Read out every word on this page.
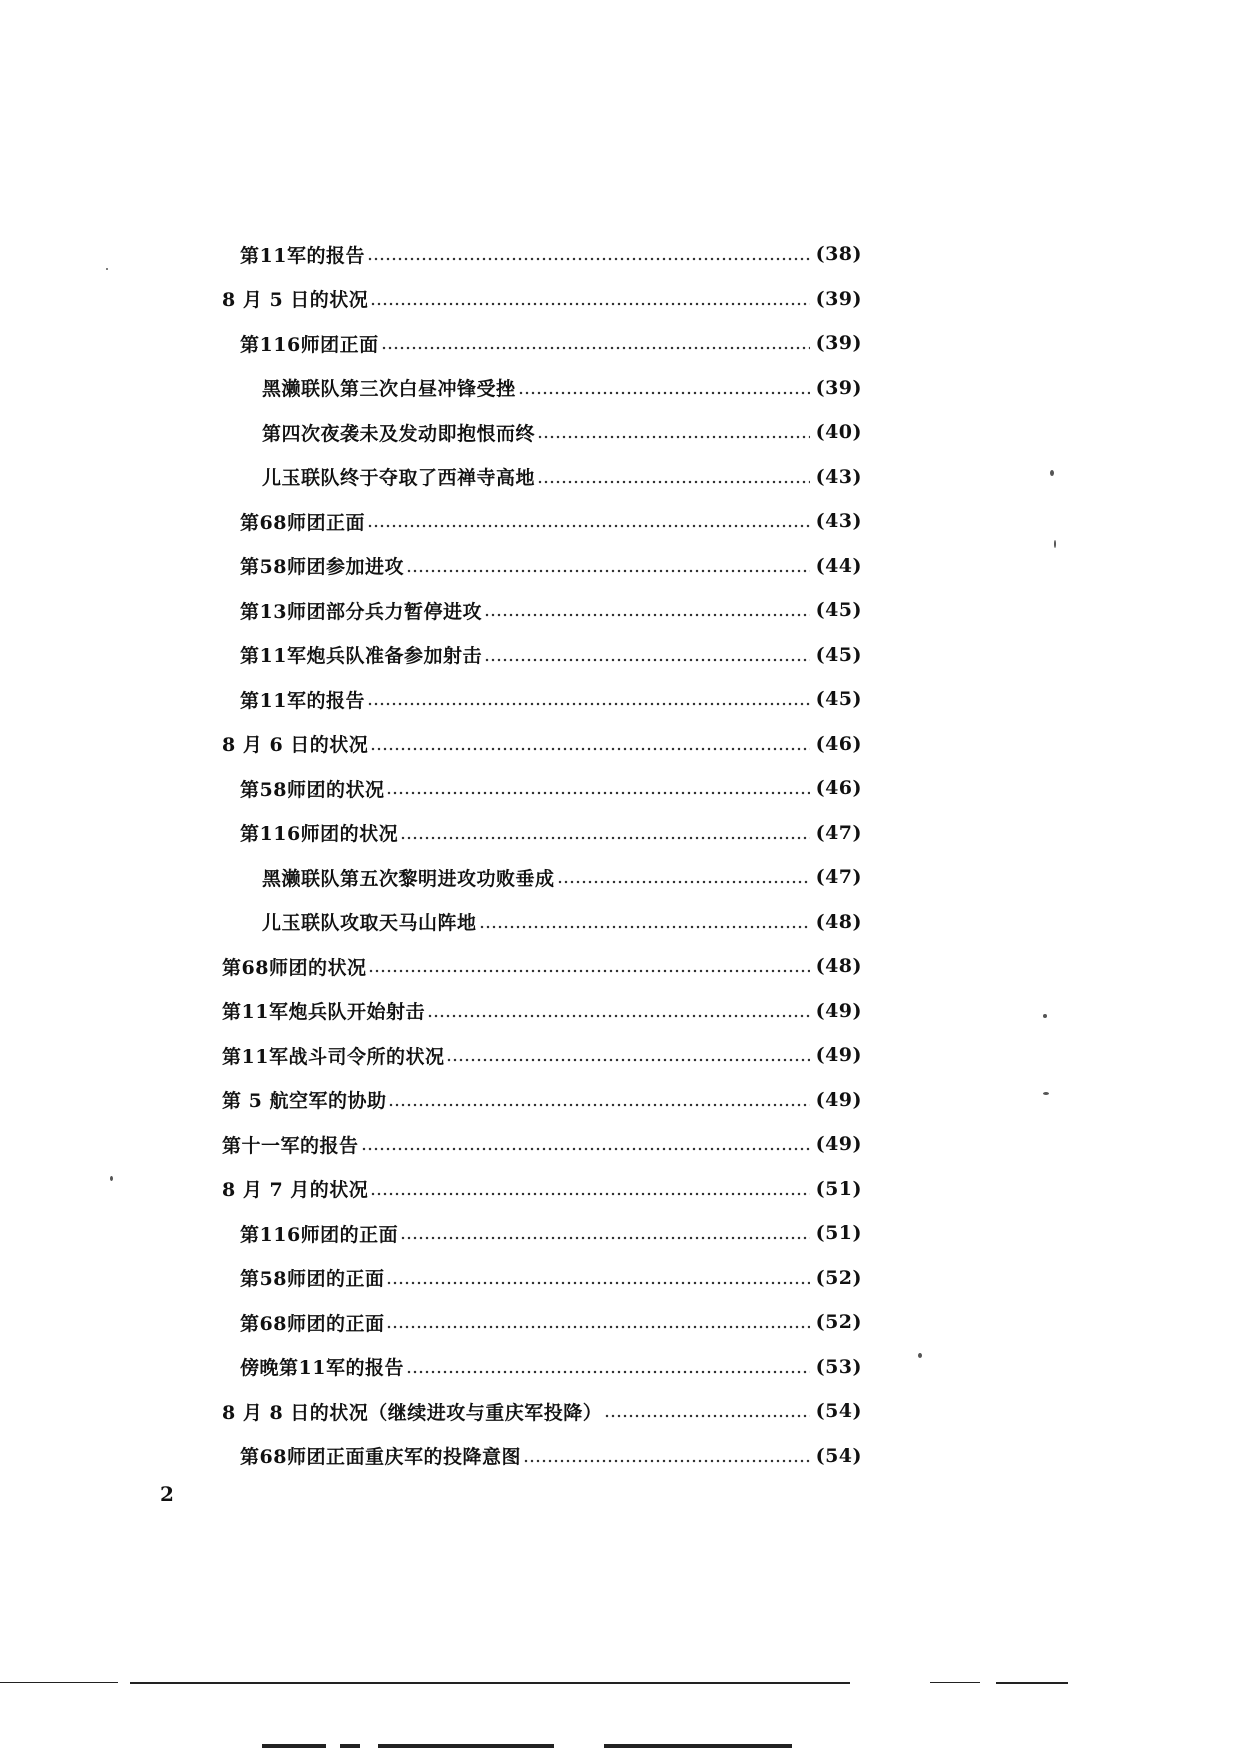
第11军的报告	(38)
8 月 5 日的状况	(39)
第116师团正面	(39)
黑濑联队第三次白昼冲锋受挫	(39)
第四次夜袭未及发动即抱恨而终	(40)
儿玉联队终于夺取了西禅寺高地	(43)
第68师团正面	(43)
第58师团参加进攻	(44)
第13师团部分兵力暂停进攻	(45)
第11军炮兵队准备参加射击	(45)
第11军的报告	(45)
8 月 6 日的状况	(46)
第58师团的状况	(46)
第116师团的状况	(47)
黑濑联队第五次黎明进攻功败垂成	(47)
儿玉联队攻取天马山阵地	(48)
第68师团的状况	(48)
第11军炮兵队开始射击	(49)
第11军战斗司令所的状况	(49)
第 5 航空军的协助	(49)
第十一军的报告	(49)
8 月 7 月的状况	(51)
第116师团的正面	(51)
第58师团的正面	(52)
第68师团的正面	(52)
傍晚第11军的报告	(53)
8 月 8 日的状况（继续进攻与重庆军投降）	(54)
第68师团正面重庆军的投降意图	(54)
2
